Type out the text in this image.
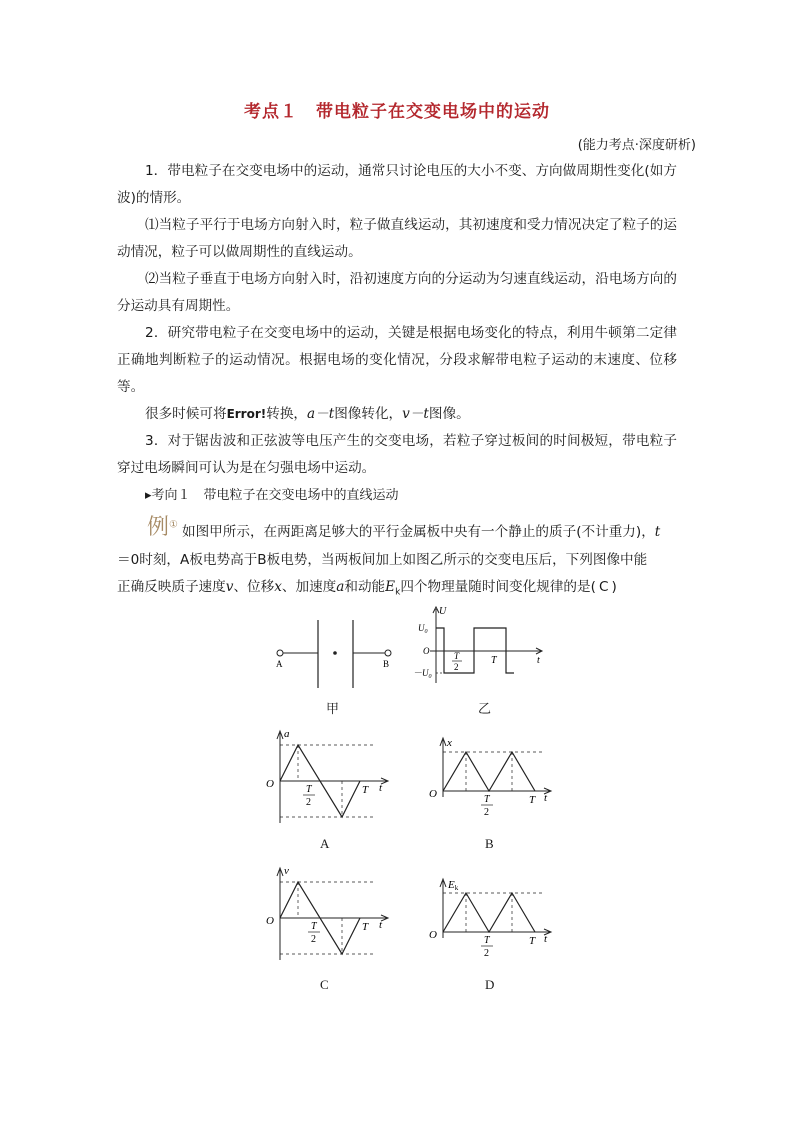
考点１　带电粒子在交变电场中的运动
(能力考点·深度研析)
1．带电粒子在交变电场中的运动，通常只讨论电压的大小不变、方向做周期性变化(如方波)的情形。
⑴当粒子平行于电场方向射入时，粒子做直线运动，其初速度和受力情况决定了粒子的运动情况，粒子可以做周期性的直线运动。
⑵当粒子垂直于电场方向射入时，沿初速度方向的分运动为匀速直线运动，沿电场方向的分运动具有周期性。
2．研究带电粒子在交变电场中的运动，关键是根据电场变化的特点，利用牛顿第二定律正确地判断粒子的运动情况。根据电场的变化情况，分段求解带电粒子运动的末速度、位移等。
很多时候可将Error!转换，a－t图像转化，v－t图像。
3．对于锯齿波和正弦波等电压产生的交变电场，若粒子穿过板间的时间极短，带电粒子穿过电场瞬间可认为是在匀强电场中运动。
▸考向１　带电粒子在交变电场中的直线运动
例① 如图甲所示，在两距离足够大的平行金属板中央有一个静止的质子(不计重力)，t
＝0时刻，A板电势高于B板电势，当两板间加上如图乙所示的交变电压后，下列图像中能
正确反映质子速度v、位移x、加速度a和动能$E_k$四个物理量随时间变化规律的是( C )
A	B
甲
U
$U_0$
O
$-U_0$
T
2
T	t
乙
a
O	T
2
T t
A
x
O	T
2
T t
B
v
O	T
2
T t
C
Ek
O	T
2
T t
D
